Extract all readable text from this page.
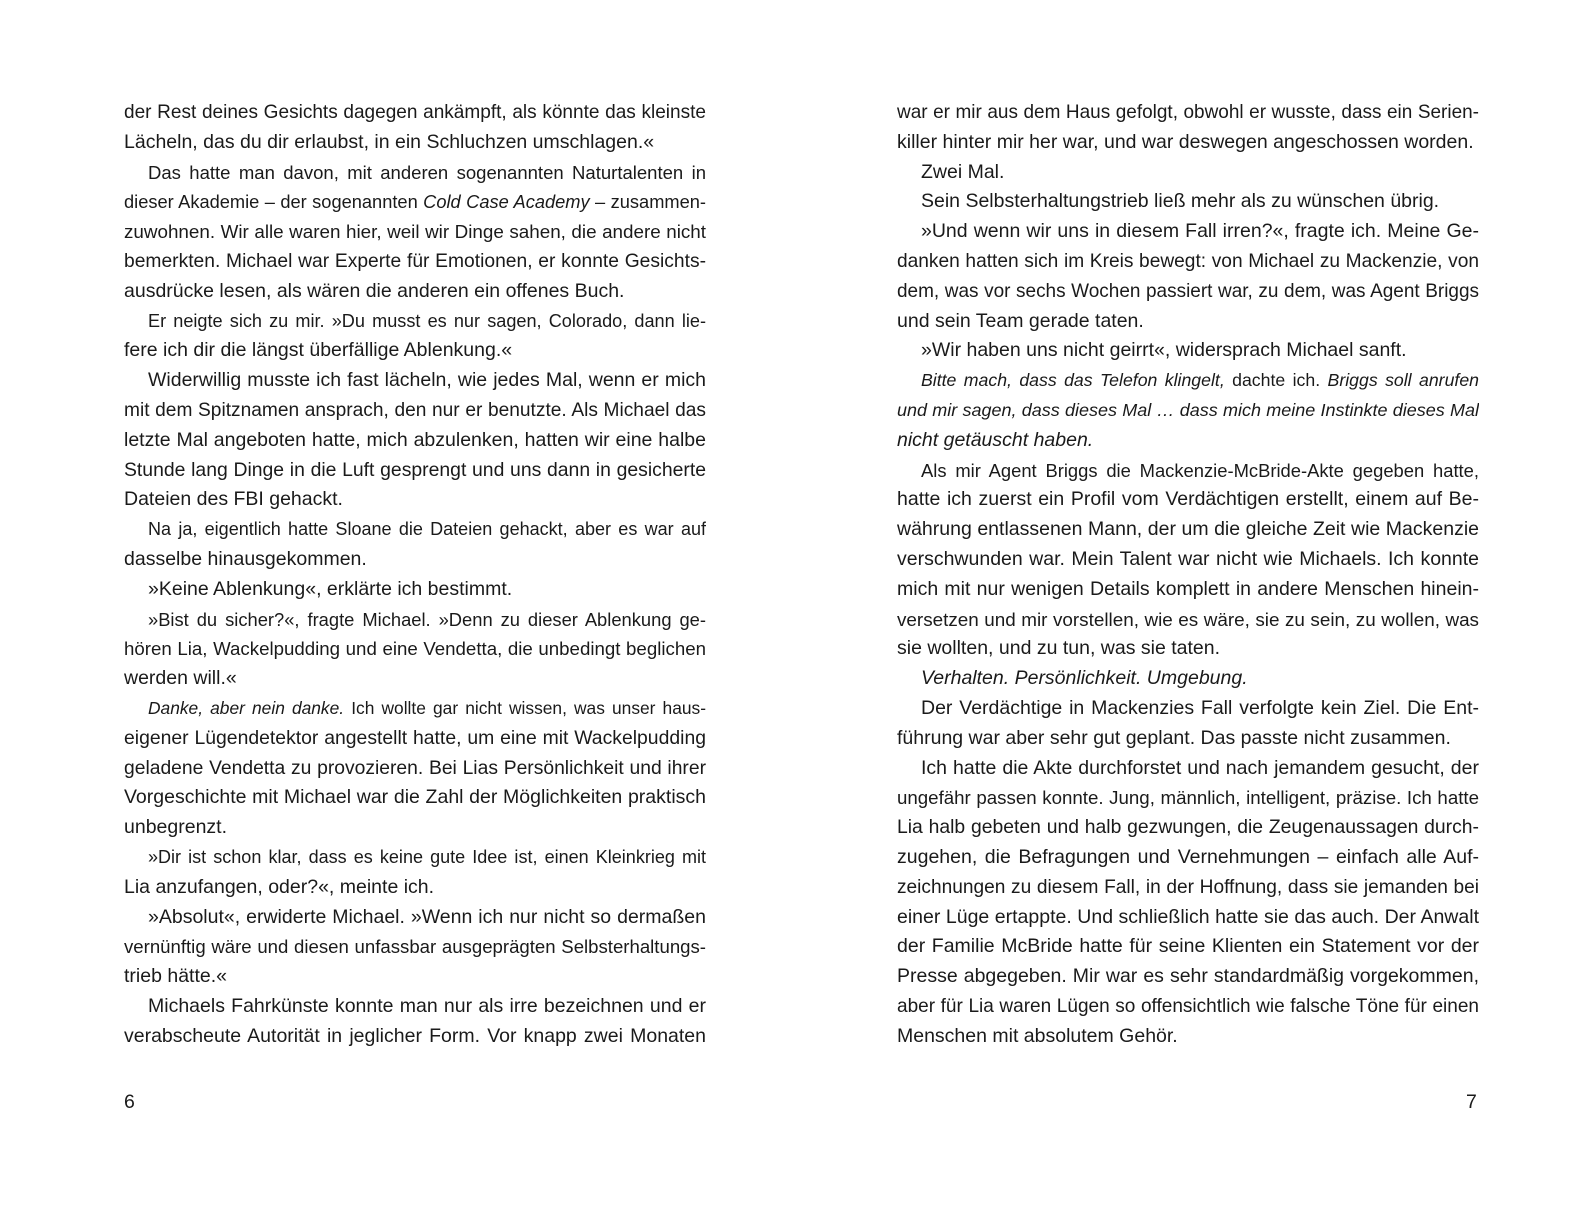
der Rest deines Gesichts dagegen ankämpft, als könnte das kleinste
Lächeln, das du dir erlaubst, in ein Schluchzen umschlagen.«
Das hatte man davon, mit anderen sogenannten Naturtalenten in
dieser Akademie – der sogenannten Cold Case Academy – zusammen-
zuwohnen. Wir alle waren hier, weil wir Dinge sahen, die andere nicht
bemerkten. Michael war Experte für Emotionen, er konnte Gesichts-
ausdrücke lesen, als wären die anderen ein offenes Buch.
Er neigte sich zu mir. »Du musst es nur sagen, Colorado, dann lie-
fere ich dir die längst überfällige Ablenkung.«
Widerwillig musste ich fast lächeln, wie jedes Mal, wenn er mich
mit dem Spitznamen ansprach, den nur er benutzte. Als Michael das
letzte Mal angeboten hatte, mich abzulenken, hatten wir eine halbe
Stunde lang Dinge in die Luft gesprengt und uns dann in gesicherte
Dateien des FBI gehackt.
Na ja, eigentlich hatte Sloane die Dateien gehackt, aber es war auf
dasselbe hinausgekommen.
»Keine Ablenkung«, erklärte ich bestimmt.
»Bist du sicher?«, fragte Michael. »Denn zu dieser Ablenkung ge-
hören Lia, Wackelpudding und eine Vendetta, die unbedingt beglichen
werden will.«
Danke, aber nein danke. Ich wollte gar nicht wissen, was unser haus-
eigener Lügendetektor angestellt hatte, um eine mit Wackelpudding
geladene Vendetta zu provozieren. Bei Lias Persönlichkeit und ihrer
Vorgeschichte mit Michael war die Zahl der Möglichkeiten praktisch
unbegrenzt.
»Dir ist schon klar, dass es keine gute Idee ist, einen Kleinkrieg mit
Lia anzufangen, oder?«, meinte ich.
»Absolut«, erwiderte Michael. »Wenn ich nur nicht so dermaßen
vernünftig wäre und diesen unfassbar ausgeprägten Selbsterhaltungs-
trieb hätte.«
Michaels Fahrkünste konnte man nur als irre bezeichnen und er
verabscheute Autorität in jeglicher Form. Vor knapp zwei Monaten
war er mir aus dem Haus gefolgt, obwohl er wusste, dass ein Serien-
killer hinter mir her war, und war deswegen angeschossen worden.
Zwei Mal.
Sein Selbsterhaltungstrieb ließ mehr als zu wünschen übrig.
»Und wenn wir uns in diesem Fall irren?«, fragte ich. Meine Ge-
danken hatten sich im Kreis bewegt: von Michael zu Mackenzie, von
dem, was vor sechs Wochen passiert war, zu dem, was Agent Briggs
und sein Team gerade taten.
»Wir haben uns nicht geirrt«, widersprach Michael sanft.
Bitte mach, dass das Telefon klingelt, dachte ich. Briggs soll anrufen
und mir sagen, dass dieses Mal … dass mich meine Instinkte dieses Mal
nicht getäuscht haben.
Als mir Agent Briggs die Mackenzie-McBride-Akte gegeben hatte,
hatte ich zuerst ein Profil vom Verdächtigen erstellt, einem auf Be-
währung entlassenen Mann, der um die gleiche Zeit wie Mackenzie
verschwunden war. Mein Talent war nicht wie Michaels. Ich konnte
mich mit nur wenigen Details komplett in andere Menschen hinein-
versetzen und mir vorstellen, wie es wäre, sie zu sein, zu wollen, was
sie wollten, und zu tun, was sie taten.
Verhalten. Persönlichkeit. Umgebung.
Der Verdächtige in Mackenzies Fall verfolgte kein Ziel. Die Ent-
führung war aber sehr gut geplant. Das passte nicht zusammen.
Ich hatte die Akte durchforstet und nach jemandem gesucht, der
ungefähr passen konnte. Jung, männlich, intelligent, präzise. Ich hatte
Lia halb gebeten und halb gezwungen, die Zeugenaussagen durch-
zugehen, die Befragungen und Vernehmungen – einfach alle Auf-
zeichnungen zu diesem Fall, in der Hoffnung, dass sie jemanden bei
einer Lüge ertappte. Und schließlich hatte sie das auch. Der Anwalt
der Familie McBride hatte für seine Klienten ein Statement vor der
Presse abgegeben. Mir war es sehr standardmäßig vorgekommen,
aber für Lia waren Lügen so offensichtlich wie falsche Töne für einen
Menschen mit absolutem Gehör.
6	7
